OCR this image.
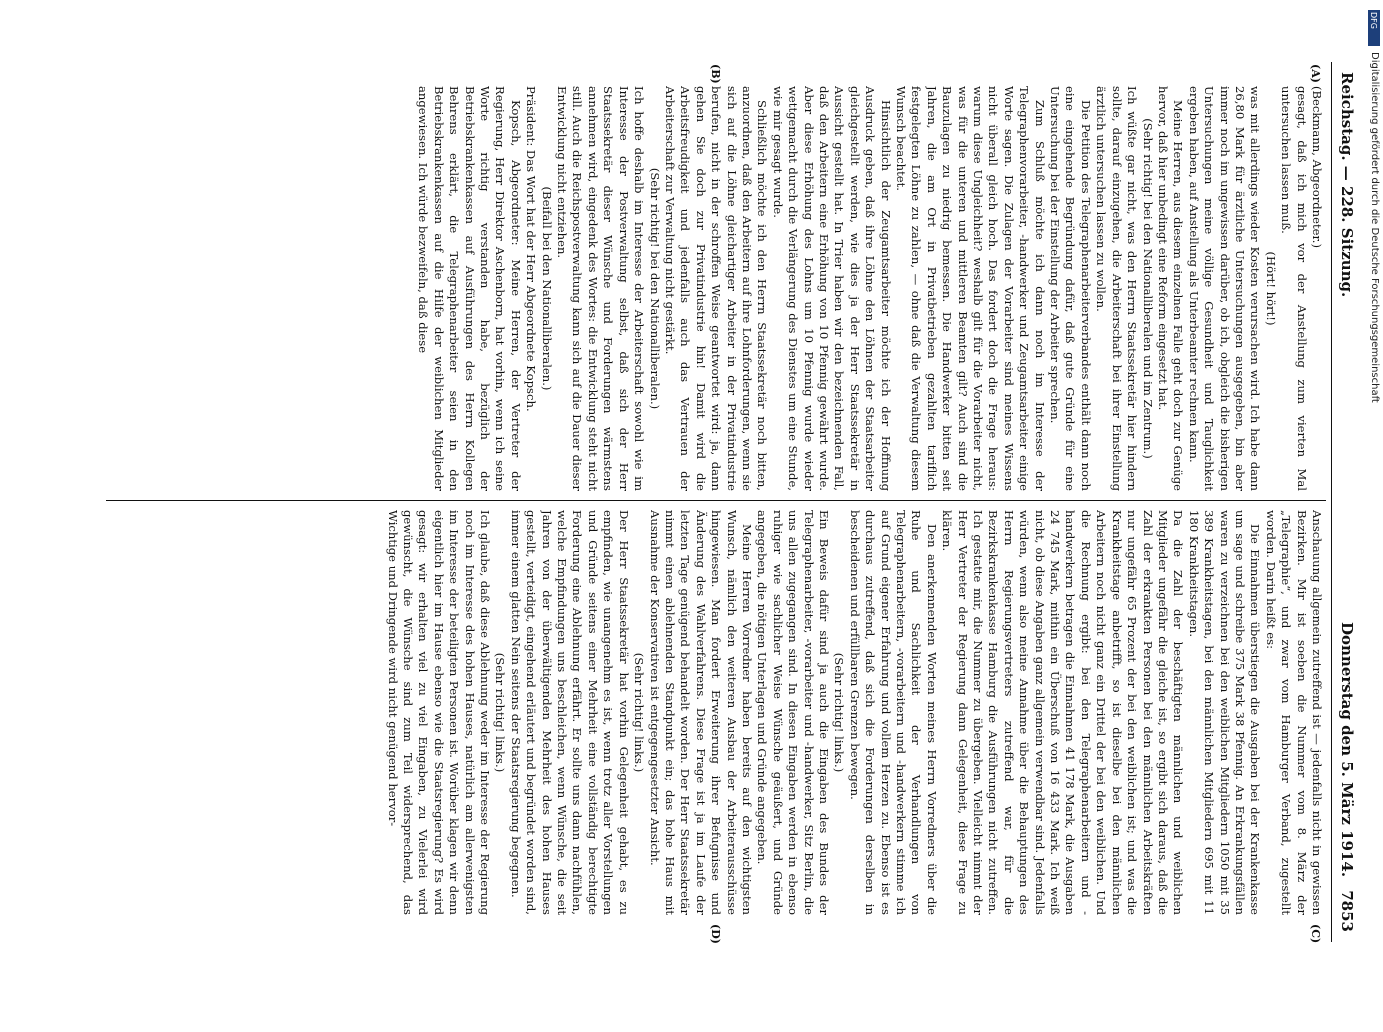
Reichstag. — 228. Sitzung.
Donnerstag den 5. März 1914.
7853
(A)
(B)
(C)
(D)

(Beckmann, Abgeordneter.)

gesagt, daß ich mich vor der Anstellung zum vierten Mal untersuchen lassen muß.

(Hört! hört!)

was mit allerdings wieder Kosten verursachen wird. Ich habe dann 26,80 Mark für ärztliche Untersuchungen ausgegeben, bin aber immer noch im ungewissen darüber, ob ich, obgleich die bisherigen Untersuchungen meine völlige Gesundheit und Tauglichkeit ergeben haben, auf Anstellung als Unterbeamter rechnen kann.

Meine Herren, aus diesem einzelnen Falle geht doch zur Genüge hervor, daß hier unbedingt eine Reform eingesetzt hat.

(Sehr richtig! bei den Nationalliberalen und im Zentrum.)

Ich wüßte gar nicht, was den Herrn Staatssekretär hier hindern sollte, darauf einzugehen, die Arbeiterschaft bei ihrer Einstellung ärztlich untersuchen lassen zu wollen.

Die Petition des Telegraphenarbeiterverbandes enthält dann noch eine eingehende Begründung dafür, daß gute Gründe für eine Untersuchung bei der Einstellung der Arbeiter sprechen.

Zum Schluß möchte ich dann noch im Interesse der Telegraphenvorarbeiter, -handwerker und Zeugamtsarbeiter einige Worte sagen. Die Zulagen der Vorarbeiter sind meines Wissens nicht überall gleich hoch. Das fordert doch die Frage heraus: warum diese Ungleichheit? weshalb gilt für die Vorarbeiter nicht, was für die unteren und mittleren Beamten gilt? Auch sind die Bauzulagen zu niedrig bemessen. Die Handwerker bitten seit Jahren, die am Ort in Privatbetrieben gezahlten tariflich festgelegten Löhne zu zahlen, — ohne daß die Verwaltung diesem Wunsch beachtet.

Hinsichtlich der Zeugamtsarbeiter möchte ich der Hoffnung Ausdruck geben, daß ihre Löhne den Löhnen der Staatsarbeiter gleichgestellt werden, wie dies ja der Herr Staatssekretär in Aussicht gestellt hat. In Trier haben wir den bezeichnenden Fall, daß den Arbeitern eine Erhöhung von 10 Pfennig gewährt wurde. Aber diese Erhöhung des Lohns um 10 Pfennig wurde wieder wettgemacht durch die Verlängerung des Dienstes um eine Stunde, wie mir gesagt wurde.

Schließlich möchte ich den Herrn Staatssekretär noch bitten, anzuordnen, daß den Arbeitern auf ihre Lohnforderungen, wenn sie sich auf die Löhne gleichartiger Arbeiter in der Privatindustrie berufen, nicht in der schroffen Weise geantwortet wird: ja, dann gehen Sie doch zur Privatindustrie hin! Damit wird die Arbeitsfreudigkeit und jedenfalls auch das Vertrauen der Arbeiterschaft zur Verwaltung nicht gestärkt.

(Sehr richtig! bei den Nationalliberalen.)

Ich hoffe deshalb im Interesse der Arbeiterschaft sowohl wie im Interesse der Postverwaltung selbst, daß sich der Herr Staatssekretär dieser Wünsche und Forderungen wärmstens annehmen wird, eingedenk des Wortes: die Entwicklung steht nicht still. Auch die Reichspostverwaltung kann sich auf die Dauer dieser Entwicklung nicht entziehen.

(Beifall bei den Nationalliberalen.)

Präsident: Das Wort hat der Herr Abgeordnete Kopsch.

Kopsch, Abgeordneter: Meine Herren, der Vertreter der Regierung, Herr Direktor Aschenborn, hat vorhin, wenn ich seine Worte richtig verstanden habe, bezüglich der Betriebskrankenkassen auf Ausführungen des Herrn Kollegen Behrens erklärt, die Telegraphenarbeiter seien in den Betriebskrankenkassen auf die Hilfe der weiblichen Mitglieder angewiesen. Ich würde bezweifeln, daß diese

Anschauung allgemein zutreffend ist — jedenfalls nicht in gewissen Bezirken. Mir ist soeben die Nummer vom 8. März der „Telegraphie“, und zwar vom Hamburger Verband, zugestellt worden. Darin heißt es:

Die Einnahmen überstiegen die Ausgaben bei der Krankenkasse um sage und schreibe 375 Mark 38 Pfennig. An Erkrankungsfällen waren zu verzeichnen bei den weiblichen Mitgliedern 1050 mit 35 389 Krankheitstagen, bei den männlichen Mitgliedern 695 mit 11 180 Krankheitstagen.

Da die Zahl der beschäftigten männlichen und weiblichen Mitglieder ungefähr die gleiche ist, so ergibt sich daraus, daß die Zahl der erkrankten Personen bei den männlichen Arbeitskräften nur ungefähr 65 Prozent der bei den weiblichen ist; und was die Krankheitstage anbetrifft, so ist dieselbe bei den männlichen Arbeitern noch nicht ganz ein Drittel der bei den weiblichen. Und die Rechnung ergibt: bei den Telegraphenarbeitern und -handwerkern betragen die Einnahmen 41 178 Mark, die Ausgaben 24 745 Mark, mithin ein Überschuß von 16 433 Mark. Ich weiß nicht, ob diese Angaben ganz allgemein verwendbar sind. Jedenfalls würden, wenn also meine Annahme über die Behauptungen des Herrn Regierungsvertreters zutreffend war, für die Bezirkskrankenkasse Hamburg die Ausführungen nicht zutreffen. Ich gestatte mir, die Nummer zu übergeben. Vielleicht nimmt der Herr Vertreter der Regierung dann Gelegenheit, diese Frage zu klären.

Den anerkennenden Worten meines Herrn Vorredners über die Ruhe und Sachlichkeit der Verhandlungen von Telegraphenarbeitern, -vorarbeitern und -handwerkern stimme ich auf Grund eigener Erfahrung und vollem Herzen zu. Ebenso ist es durchaus zutreffend, daß sich die Forderungen derselben in bescheidenen und erfüllbaren Grenzen bewegen.

(Sehr richtig! links.)

Ein Beweis dafür sind ja auch die Eingaben des Bundes der Telegraphenarbeiter, -vorarbeiter und -handwerker, Sitz Berlin, die uns allen zugegangen sind. In diesen Eingaben werden in ebenso ruhiger wie sachlicher Weise Wünsche geäußert, und Gründe angegeben, die nötigen Unterlagen und Gründe angegeben.

Meine Herren Vorredner haben bereits auf den wichtigsten Wunsch, nämlich den weiteren Ausbau der Arbeiterausschüsse hingewiesen. Man fordert Erweiterung ihrer Befugnisse und Änderung des Wahlverfahrens. Diese Frage ist ja im Laufe der letzten Tage genügend behandelt worden. Der Herr Staatssekretär nimmt einen ablehnenden Standpunkt ein; das hohe Haus mit Ausnahme der Konservativen ist entgegengesetzter Ansicht.

(Sehr richtig! links.)

Der Herr Staatssekretär hat vorhin Gelegenheit gehabt, es zu empfinden, wie unangenehm es ist, wenn trotz aller Vorstellungen und Gründe seitens einer Mehrheit eine vollständig berechtigte Forderung eine Ablehnung erfährt. Er sollte uns dann nachfühlen, welche Empfindungen uns beschleichen, wenn Wünsche, die seit Jahren von der überwältigenden Mehrheit des hohen Hauses gestellt, verteidigt, eingehend erläutert und begründet worden sind, immer einem glatten Nein seitens der Staatsregierung begegnen.

(Sehr richtig! links.)

Ich glaube, daß diese Ablehnung weder im Interesse der Regierung noch im Interesse des hohen Hauses, natürlich am allerwenigsten im Interesse der beteiligten Personen ist. Worüber klagen wir denn eigentlich hier im Hause ebenso wie die Staatsregierung? Es wird gesagt: wir erhalten viel zu viel Eingaben, zu Vielerlei wird gewünscht, die Wünsche sind zum Teil widersprechend, das Wichtige und Dringende wird nicht genügend hervor-

DFG
Digitalisierung gefördert durch die Deutsche Forschungsgemeinschaft
